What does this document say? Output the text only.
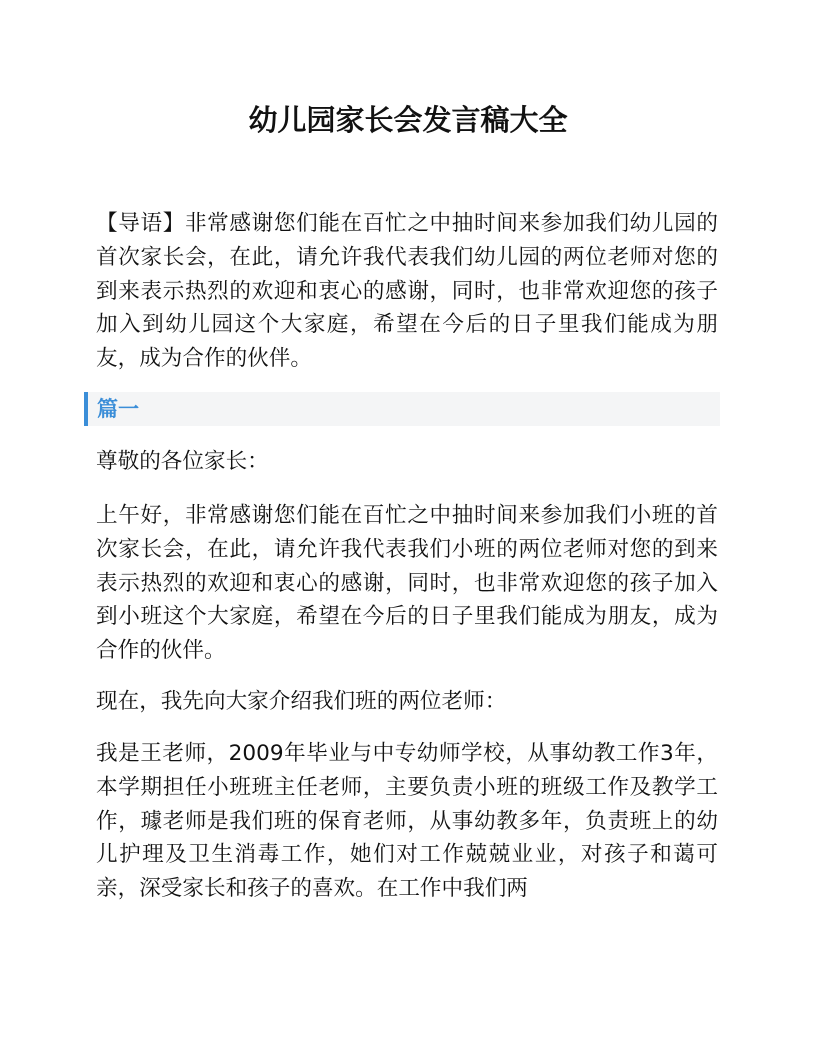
幼儿园家长会发言稿大全

【导语】非常感谢您们能在百忙之中抽时间来参加我们幼儿园的首次家长会，在此，请允许我代表我们幼儿园的两位老师对您的到来表示热烈的欢迎和衷心的感谢，同时，也非常欢迎您的孩子加入到幼儿园这个大家庭，希望在今后的日子里我们能成为朋友，成为合作的伙伴。

篇一

尊敬的各位家长：

上午好，非常感谢您们能在百忙之中抽时间来参加我们小班的首次家长会，在此，请允许我代表我们小班的两位老师对您的到来表示热烈的欢迎和衷心的感谢，同时，也非常欢迎您的孩子加入到小班这个大家庭，希望在今后的日子里我们能成为朋友，成为合作的伙伴。

现在，我先向大家介绍我们班的两位老师：

我是王老师，2009年毕业与中专幼师学校，从事幼教工作3年，本学期担任小班班主任老师，主要负责小班的班级工作及教学工作，璩老师是我们班的保育老师，从事幼教多年，负责班上的幼儿护理及卫生消毒工作，她们对工作兢兢业业，对孩子和蔼可亲，深受家长和孩子的喜欢。在工作中我们两
